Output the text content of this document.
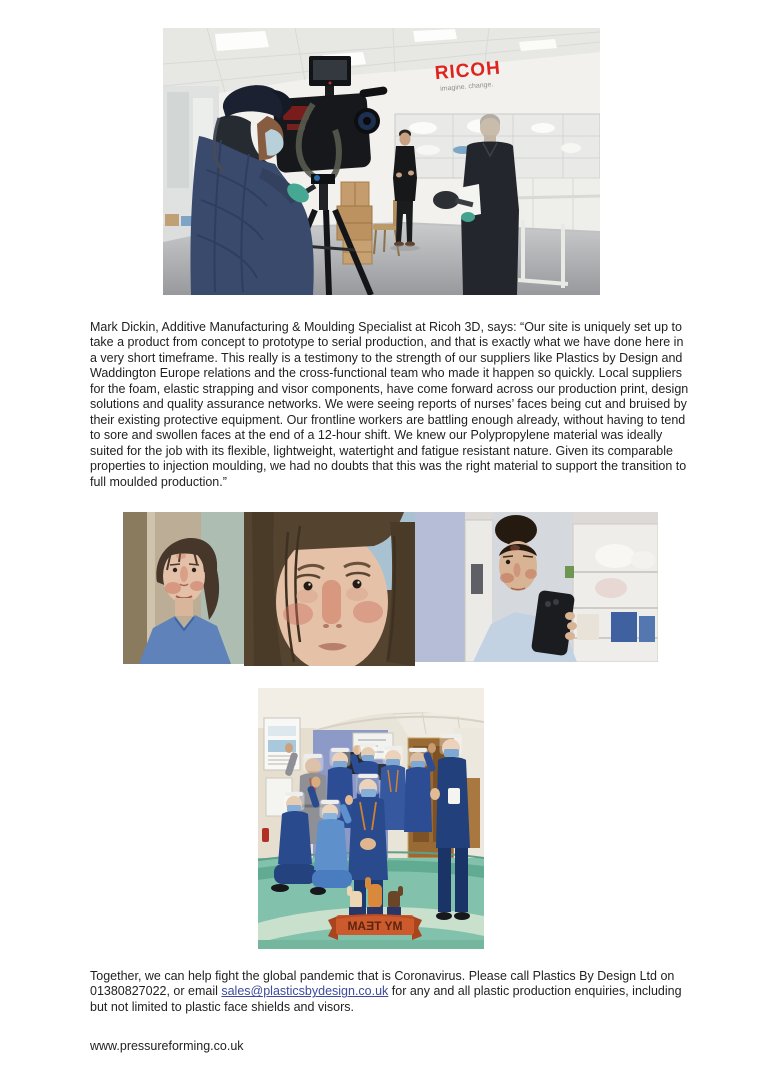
RICOH
imagine. change.

Mark Dickin, Additive Manufacturing & Moulding Specialist at Ricoh 3D, says: “Our site is uniquely set up to take a product from concept to prototype to serial production, and that is exactly what we have done here in a very short timeframe. This really is a testimony to the strength of our suppliers like Plastics by Design and Waddington Europe relations and the cross-functional team who made it happen so quickly. Local suppliers for the foam, elastic strapping and visor components, have come forward across our production print, design solutions and quality assurance networks. We were seeing reports of nurses’ faces being cut and bruised by their existing protective equipment. Our frontline workers are battling enough already, without having to tend to sore and swollen faces at the end of a 12-hour shift. We knew our Polypropylene material was ideally suited for the job with its flexible, lightweight, watertight and fatigue resistant nature. Given its comparable properties to injection moulding, we had no doubts that this was the right material to support the transition to full moulded production.”

MAƎT YM

Together, we can help fight the global pandemic that is Coronavirus. Please call Plastics By Design Ltd on 01380827022, or email sales@plasticsbydesign.co.uk for any and all plastic production enquiries, including but not limited to plastic face shields and visors.

www.pressureforming.co.uk
